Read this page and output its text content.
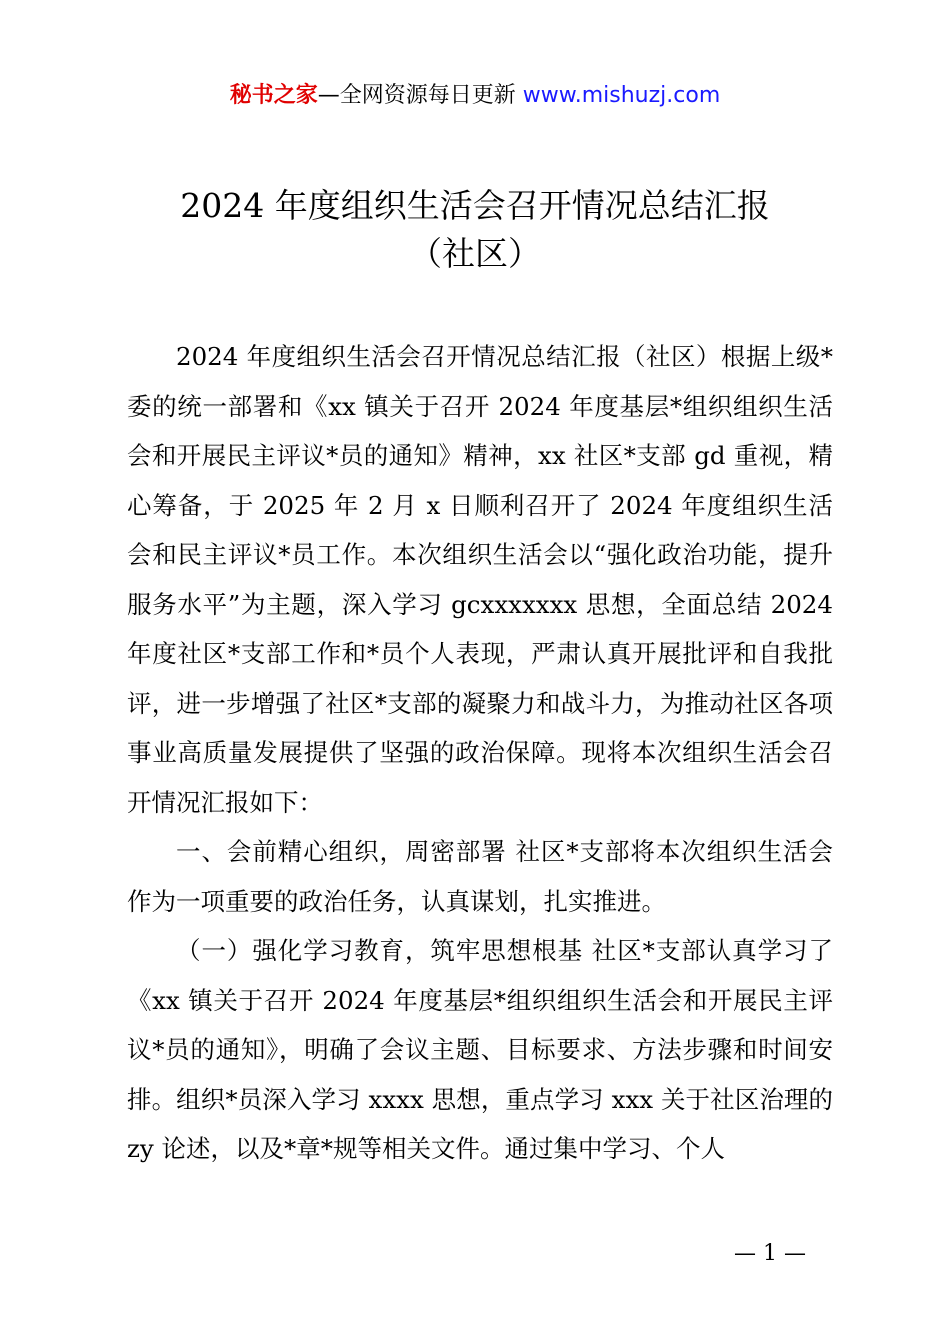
秘书之家—全网资源每日更新 www.mishuzj.com
2024 年度组织生活会召开情况总结汇报
（社区）

2024 年度组织生活会召开情况总结汇报（社区）根据上级*委的统一部署和《xx 镇关于召开 2024 年度基层*组织组织生活会和开展民主评议*员的通知》精神，xx 社区*支部 gd 重视，精心筹备，于 2025 年 2 月 x 日顺利召开了 2024 年度组织生活会和民主评议*员工作。本次组织生活会以“强化政治功能，提升服务水平”为主题，深入学习 gcxxxxxxx 思想，全面总结 2024 年度社区*支部工作和*员个人表现，严肃认真开展批评和自我批评，进一步增强了社区*支部的凝聚力和战斗力，为推动社区各项事业高质量发展提供了坚强的政治保障。现将本次组织生活会召开情况汇报如下：

一、会前精心组织，周密部署 社区*支部将本次组织生活会作为一项重要的政治任务，认真谋划，扎实推进。

（一）强化学习教育，筑牢思想根基 社区*支部认真学习了《xx 镇关于召开 2024 年度基层*组织组织生活会和开展民主评议*员的通知》，明确了会议主题、目标要求、方法步骤和时间安排。组织*员深入学习 xxxx 思想，重点学习 xxx 关于社区治理的 zy 论述，以及*章*规等相关文件。通过集中学习、个人

— 1 —
